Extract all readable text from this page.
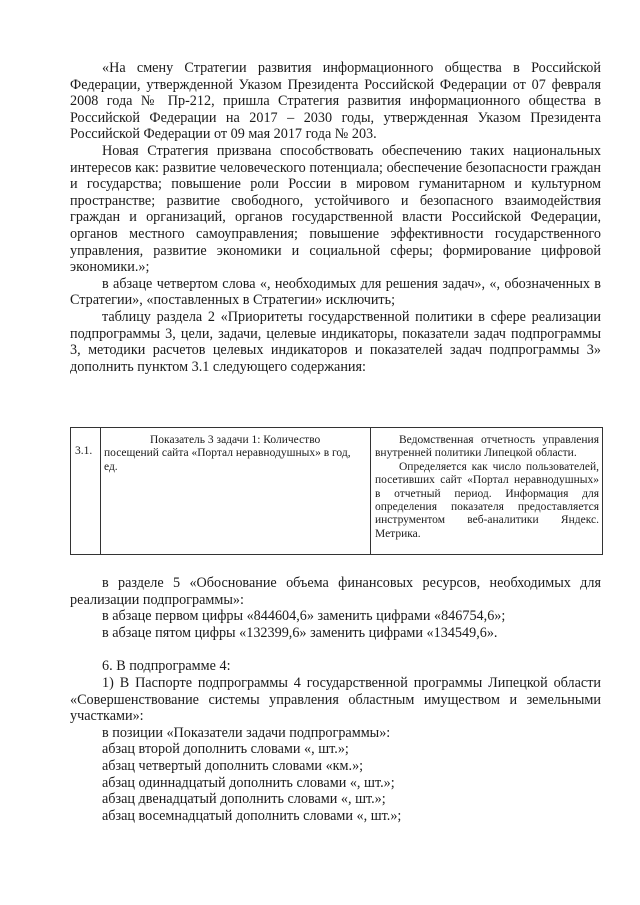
«На смену Стратегии развития информационного общества в Российской Федерации, утвержденной Указом Президента Российской Федерации от 07 февраля 2008 года № Пр-212, пришла Стратегия развития информационного общества в Российской Федерации на 2017 – 2030 годы, утвержденная Указом Президента Российской Федерации от 09 мая 2017 года № 203.

Новая Стратегия призвана способствовать обеспечению таких национальных интересов как: развитие человеческого потенциала; обеспечение безопасности граждан и государства; повышение роли России в мировом гуманитарном и культурном пространстве; развитие свободного, устойчивого и безопасного взаимодействия граждан и организаций, органов государственной власти Российской Федерации, органов местного самоуправления; повышение эффективности государственного управления, развитие экономики и социальной сферы; формирование цифровой экономики.»;

в абзаце четвертом слова «, необходимых для решения задач», «, обозначенных в Стратегии», «поставленных в Стратегии» исключить;

таблицу раздела 2 «Приоритеты государственной политики в сфере реализации подпрограммы 3, цели, задачи, целевые индикаторы, показатели задач подпрограммы 3, методики расчетов целевых индикаторов и показателей задач подпрограммы 3» дополнить пунктом 3.1 следующего содержания:

3.1.
Показатель 3 задачи 1: Количество
посещений сайта «Портал неравнодушных» в год, ед.

Ведомственная отчетность управления внутренней политики Липецкой области.

Определяется как число пользователей, посетивших сайт «Портал неравнодушных» в отчетный период. Информация для определения показателя предоставляется инструментом веб-аналитики Яндекс. Метрика.

в разделе 5 «Обоснование объема финансовых ресурсов, необходимых для реализации подпрограммы»:

в абзаце первом цифры «844604,6» заменить цифрами «846754,6»;

в абзаце пятом цифры «132399,6» заменить цифрами «134549,6».

6. В подпрограмме 4:

1) В Паспорте подпрограммы 4 государственной программы Липецкой области «Совершенствование системы управления областным имуществом и земельными участками»:

в позиции «Показатели задачи подпрограммы»:

абзац второй дополнить словами «, шт.»;

абзац четвертый дополнить словами «км.»;

абзац одиннадцатый дополнить словами «, шт.»;

абзац двенадцатый дополнить словами «, шт.»;

абзац восемнадцатый дополнить словами «, шт.»;
